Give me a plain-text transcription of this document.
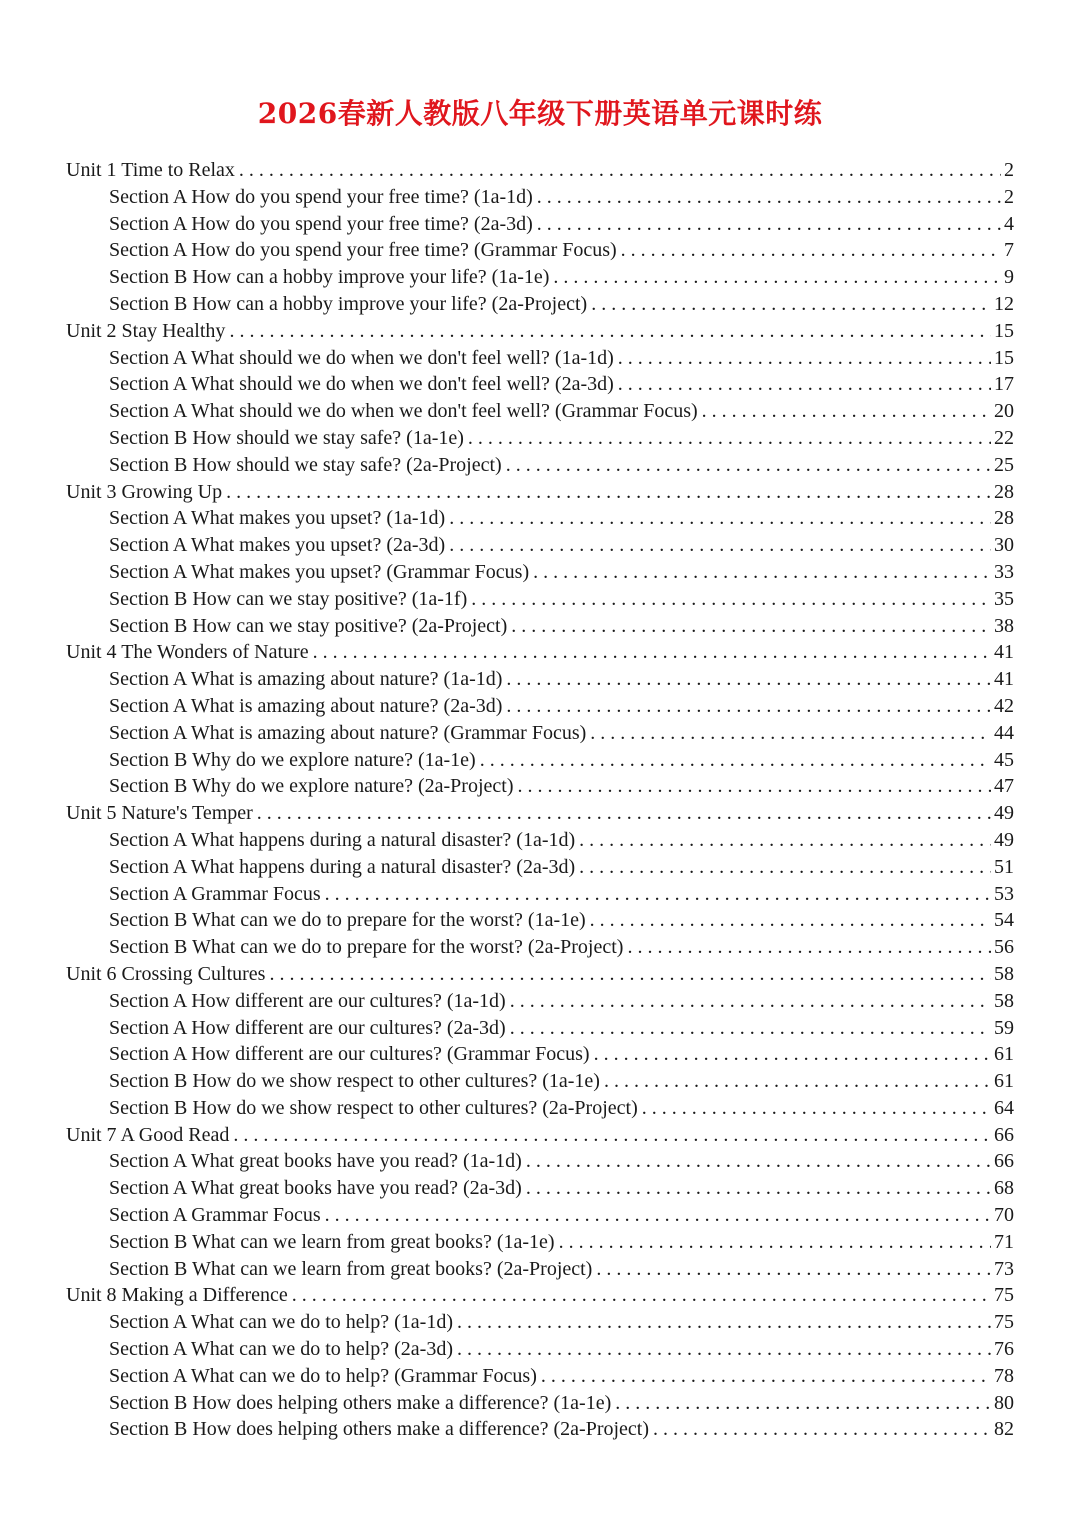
2026春新人教版八年级下册英语单元课时练
Unit 1 Time to Relax . . .	2
Section A How do you spend your free time? (1a-1d) . . .	2
Section A How do you spend your free time? (2a-3d) . . .	4
Section A How do you spend your free time? (Grammar Focus) . . .	7
Section B How can a hobby improve your life? (1a-1e) . . .	9
Section B How can a hobby improve your life? (2a-Project) . . .	12
Unit 2 Stay Healthy . . .	15
Section A What should we do when we don't feel well? (1a-1d) . . .	15
Section A What should we do when we don't feel well? (2a-3d) . . .	17
Section A What should we do when we don't feel well? (Grammar Focus) . . .	20
Section B How should we stay safe? (1a-1e) . . .	22
Section B How should we stay safe? (2a-Project) . . .	25
Unit 3 Growing Up . . .	28
Section A What makes you upset? (1a-1d) . . .	28
Section A What makes you upset? (2a-3d) . . .	30
Section A What makes you upset? (Grammar Focus) . . .	33
Section B How can we stay positive? (1a-1f) . . .	35
Section B How can we stay positive? (2a-Project) . . .	38
Unit 4 The Wonders of Nature . . .	41
Section A What is amazing about nature? (1a-1d) . . .	41
Section A What is amazing about nature? (2a-3d) . . .	42
Section A What is amazing about nature? (Grammar Focus) . . .	44
Section B Why do we explore nature? (1a-1e) . . .	45
Section B Why do we explore nature? (2a-Project) . . .	47
Unit 5 Nature's Temper . . .	49
Section A What happens during a natural disaster? (1a-1d) . . .	49
Section A What happens during a natural disaster? (2a-3d) . . .	51
Section A Grammar Focus . . .	53
Section B What can we do to prepare for the worst? (1a-1e) . . .	54
Section B What can we do to prepare for the worst? (2a-Project) . . .	56
Unit 6 Crossing Cultures . . .	58
Section A How different are our cultures? (1a-1d) . . .	58
Section A How different are our cultures? (2a-3d) . . .	59
Section A How different are our cultures? (Grammar Focus) . . .	61
Section B How do we show respect to other cultures? (1a-1e) . . .	61
Section B How do we show respect to other cultures? (2a-Project) . . .	64
Unit 7 A Good Read . . .	66
Section A What great books have you read? (1a-1d) . . .	66
Section A What great books have you read? (2a-3d) . . .	68
Section A Grammar Focus . . .	70
Section B What can we learn from great books? (1a-1e) . . .	71
Section B What can we learn from great books? (2a-Project) . . .	73
Unit 8 Making a Difference . . .	75
Section A What can we do to help? (1a-1d) . . .	75
Section A What can we do to help? (2a-3d) . . .	76
Section A What can we do to help? (Grammar Focus) . . .	78
Section B How does helping others make a difference? (1a-1e) . . .	80
Section B How does helping others make a difference? (2a-Project) . . .	82
